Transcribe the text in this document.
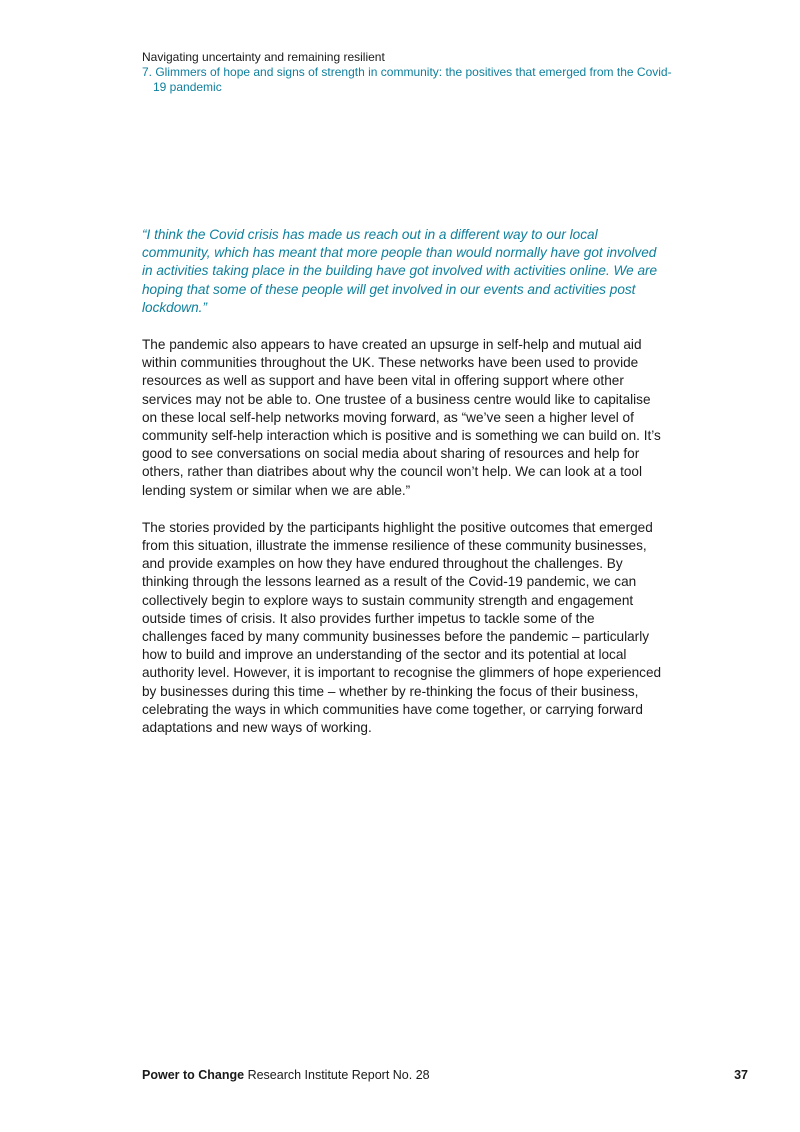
Navigating uncertainty and remaining resilient
7. Glimmers of hope and signs of strength in community: the positives that emerged from the Covid-19 pandemic

“I think the Covid crisis has made us reach out in a different way to our local community, which has meant that more people than would normally have got involved in activities taking place in the building have got involved with activities online. We are hoping that some of these people will get involved in our events and activities post lockdown.”

The pandemic also appears to have created an upsurge in self-help and mutual aid within communities throughout the UK. These networks have been used to provide resources as well as support and have been vital in offering support where other services may not be able to. One trustee of a business centre would like to capitalise on these local self-help networks moving forward, as “we’ve seen a higher level of community self-help interaction which is positive and is something we can build on. It’s good to see conversations on social media about sharing of resources and help for others, rather than diatribes about why the council won’t help. We can look at a tool lending system or similar when we are able.”

The stories provided by the participants highlight the positive outcomes that emerged from this situation, illustrate the immense resilience of these community businesses, and provide examples on how they have endured throughout the challenges. By thinking through the lessons learned as a result of the Covid-19 pandemic, we can collectively begin to explore ways to sustain community strength and engagement outside times of crisis. It also provides further impetus to tackle some of the challenges faced by many community businesses before the pandemic – particularly how to build and improve an understanding of the sector and its potential at local authority level. However, it is important to recognise the glimmers of hope experienced by businesses during this time – whether by re-thinking the focus of their business, celebrating the ways in which communities have come together, or carrying forward adaptations and new ways of working.

Power to Change Research Institute Report No. 28	37
